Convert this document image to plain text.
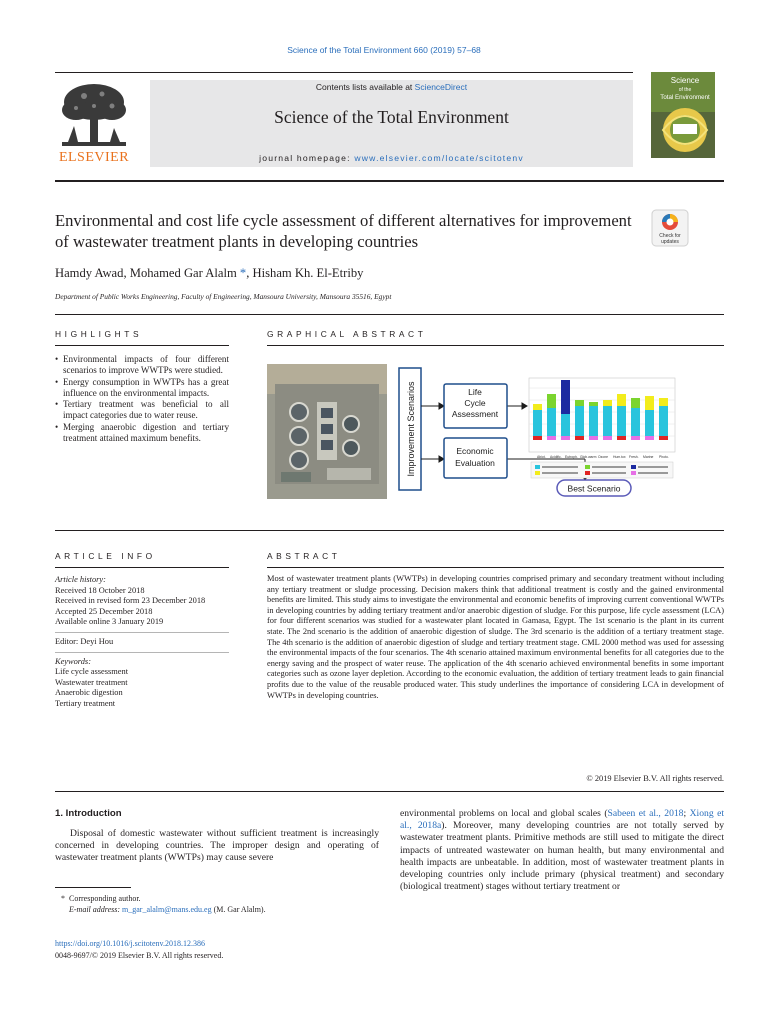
Science of the Total Environment 660 (2019) 57–68
ELSEVIER
Contents lists available at ScienceDirect
Science of the Total Environment
journal homepage: www.elsevier.com/locate/scitotenv
Science
of the
Total Environment
Environmental and cost life cycle assessment of different alternatives for improvement of wastewater treatment plants in developing countries	Check for
updates
Hamdy Awad, Mohamed Gar Alalm *, Hisham Kh. El-Etriby
Department of Public Works Engineering, Faculty of Engineering, Mansoura University, Mansoura 35516, Egypt
HIGHLIGHTS	GRAPHICAL ABSTRACT
• Environmental impacts of four different scenarios to improve WWTPs were studied.
• Energy consumption in WWTPs has a great influence on the environmental impacts.
• Tertiary treatment was beneficial to all impact categories due to water reuse.
• Merging anaerobic digestion and tertiary treatment attained maximum benefits.	Improvement Scenarios	Life
Cycle
Assessment
Economic
Evaluation
Abiot. Acidific. Eutroph. Glob.warm Ozone Hum.tox Fresh. Marine Photo.
Best Scenario
ARTICLE INFO	ABSTRACT
Article history:
Received 18 October 2018
Received in revised form 23 December 2018
Accepted 25 December 2018
Available online 3 January 2019
Editor: Deyi Hou
Keywords:
Life cycle assessment
Wastewater treatment
Anaerobic digestion
Tertiary treatment
Most of wastewater treatment plants (WWTPs) in developing countries comprised primary and secondary treatment without including any tertiary treatment or sludge processing. Decision makers think that additional treatment is costly and the gained environmental benefits are limited. This study aims to investigate the environmental and economic benefits of improving current conventional WWTPs in developing countries by adding tertiary treatment and/or anaerobic digestion of sludge. For this purpose, life cycle assessment (LCA) for four different scenarios was studied for a wastewater plant located in Gamasa, Egypt. The 1st scenario is the plant in its current state. The 2nd scenario is the addition of anaerobic digestion of sludge. The 3rd scenario is the addition of a tertiary treatment stage. The 4th scenario is the addition of anaerobic digestion of sludge and tertiary treatment stage. CML 2000 method was used for assessing the environmental impacts of the four scenarios. The 4th scenario attained maximum environmental benefits for all categories due to the energy saving and the prospect of water reuse. The application of the 4th scenario achieved environmental benefits in some important categories such as ozone layer depletion. According to the economic evaluation, the addition of tertiary treatment leads to gain financial profits due to the value of the reusable produced water. This study underlines the importance of considering LCA in development of WWTPs in developing countries.
© 2019 Elsevier B.V. All rights reserved.
1. Introduction
Disposal of domestic wastewater without sufficient treatment is increasingly concerned in developing countries. The improper design and operating of wastewater treatment plants (WWTPs) may cause severe
environmental problems on local and global scales (Sabeen et al., 2018; Xiong et al., 2018a). Moreover, many developing countries are not totally served by wastewater treatment plants. Primitive methods are still used to mitigate the direct impacts of untreated wastewater on human health, but many environmental and health impacts are unbeatable. In addition, most of wastewater treatment plants in developing countries only include primary (physical treatment) and secondary (biological treatment) stages without tertiary treatment or
* Corresponding author.
E-mail address: m_gar_alalm@mans.edu.eg (M. Gar Alalm).
https://doi.org/10.1016/j.scitotenv.2018.12.386
0048-9697/© 2019 Elsevier B.V. All rights reserved.
